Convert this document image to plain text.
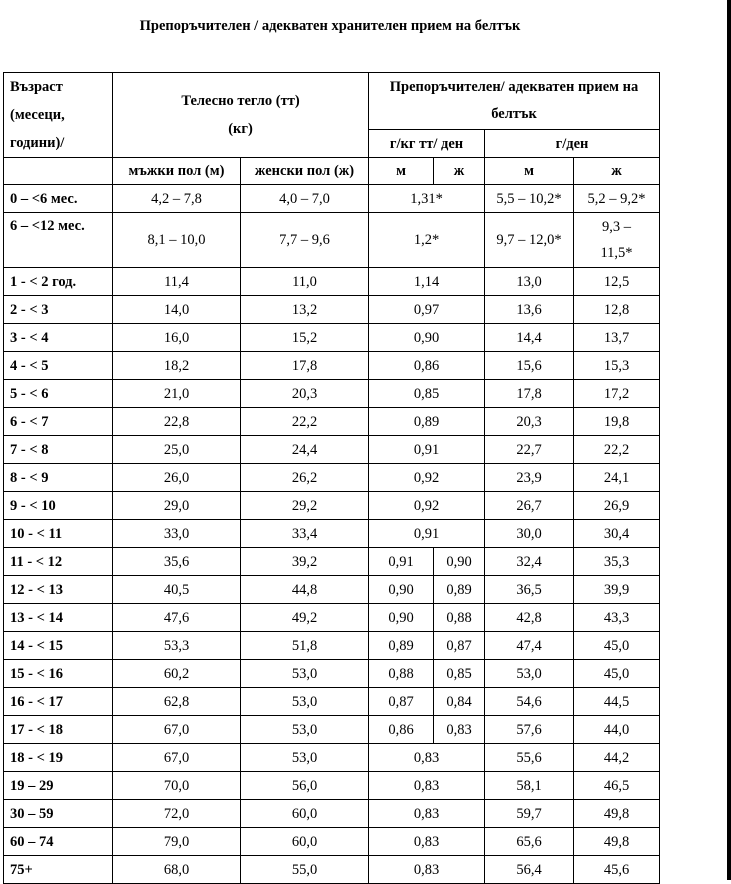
Препоръчителен / адекватен хранителен прием на белтък
Възраст
(месеци,
години)/	Телесно тегло (тт)
(кг)		Препоръчителен/ адекватен прием на
белтък			
			г/кг тт/ ден		г/ден	
	мъжки пол (м)	женски пол (ж)	м	ж	м	ж
0 – <6 мес.	4,2 – 7,8	4,0 – 7,0	1,31*		5,5 – 10,2*	5,2 – 9,2*
6 – <12 мес.	8,1 – 10,0	7,7 – 9,6	1,2*		9,7 – 12,0*	9,3 –
11,5*
1 - < 2 год.	11,4	11,0	1,14		13,0	12,5
2 - < 3	14,0	13,2	0,97		13,6	12,8
3 - < 4	16,0	15,2	0,90		14,4	13,7
4 - < 5	18,2	17,8	0,86		15,6	15,3
5 - < 6	21,0	20,3	0,85		17,8	17,2
6 - < 7	22,8	22,2	0,89		20,3	19,8
7 - < 8	25,0	24,4	0,91		22,7	22,2
8 - < 9	26,0	26,2	0,92		23,9	24,1
9 - < 10	29,0	29,2	0,92		26,7	26,9
10 - < 11	33,0	33,4	0,91		30,0	30,4
11 - < 12	35,6	39,2	0,91	0,90	32,4	35,3
12 - < 13	40,5	44,8	0,90	0,89	36,5	39,9
13 - < 14	47,6	49,2	0,90	0,88	42,8	43,3
14 - < 15	53,3	51,8	0,89	0,87	47,4	45,0
15 - < 16	60,2	53,0	0,88	0,85	53,0	45,0
16 - < 17	62,8	53,0	0,87	0,84	54,6	44,5
17 - < 18	67,0	53,0	0,86	0,83	57,6	44,0
18 - < 19	67,0	53,0	0,83		55,6	44,2
19 – 29	70,0	56,0	0,83		58,1	46,5
30 – 59	72,0	60,0	0,83		59,7	49,8
60 – 74	79,0	60,0	0,83		65,6	49,8
75+	68,0	55,0	0,83		56,4	45,6
